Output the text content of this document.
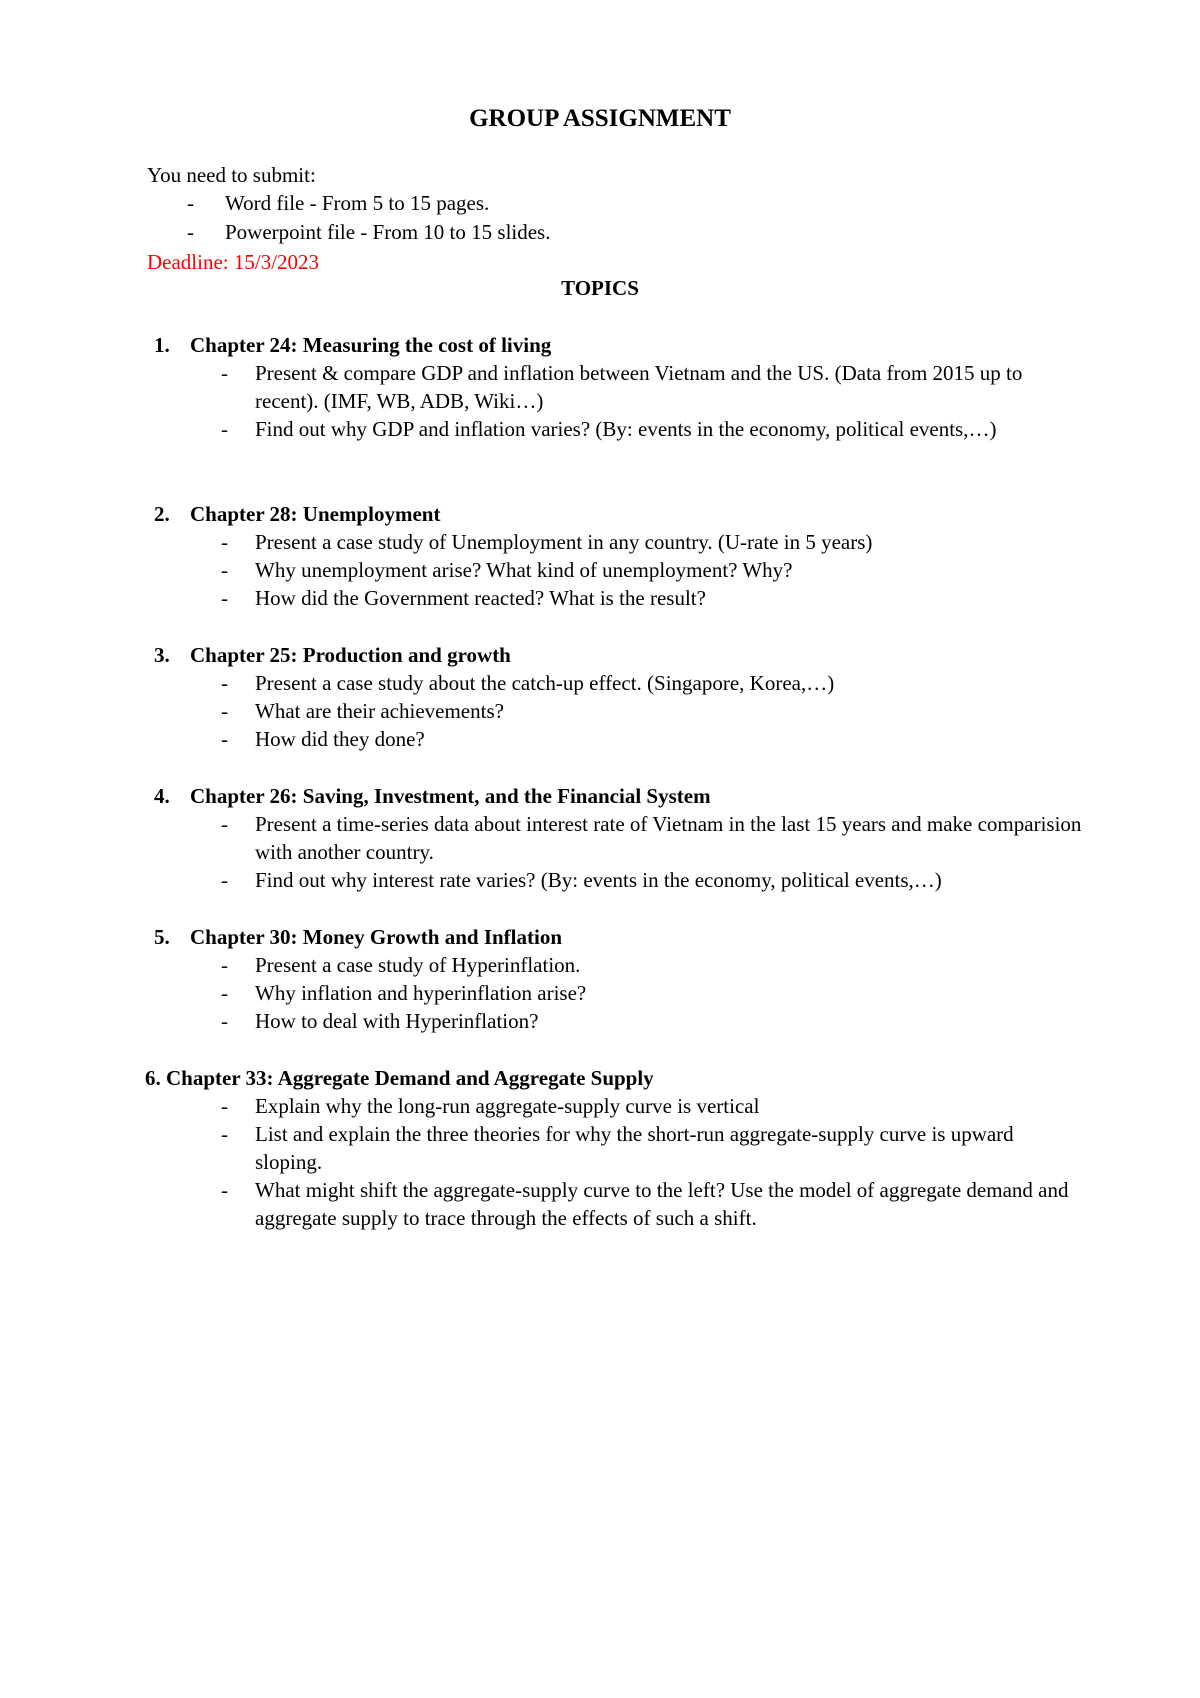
GROUP ASSIGNMENT
You need to submit:
- Word file - From 5 to 15 pages.
- Powerpoint file - From 10 to 15 slides.
Deadline: 15/3/2023
TOPICS
1. Chapter 24: Measuring the cost of living
- Present & compare GDP and inflation between Vietnam and the US. (Data from 2015 up to recent). (IMF, WB, ADB, Wiki…)
- Find out why GDP and inflation varies? (By: events in the economy, political events,…)
2. Chapter 28: Unemployment
- Present a case study of Unemployment in any country. (U-rate in 5 years)
- Why unemployment arise? What kind of unemployment? Why?
- How did the Government reacted? What is the result?
3. Chapter 25: Production and growth
- Present a case study about the catch-up effect. (Singapore, Korea,…)
- What are their achievements?
- How did they done?
4. Chapter 26: Saving, Investment, and the Financial System
- Present a time-series data about interest rate of Vietnam in the last 15 years and make comparision with another country.
- Find out why interest rate varies? (By: events in the economy, political events,…)
5. Chapter 30: Money Growth and Inflation
- Present a case study of Hyperinflation.
- Why inflation and hyperinflation arise?
- How to deal with Hyperinflation?
6. Chapter 33: Aggregate Demand and Aggregate Supply
- Explain why the long-run aggregate-supply curve is vertical
- List and explain the three theories for why the short-run aggregate-supply curve is upward sloping.
- What might shift the aggregate-supply curve to the left? Use the model of aggregate demand and aggregate supply to trace through the effects of such a shift.
